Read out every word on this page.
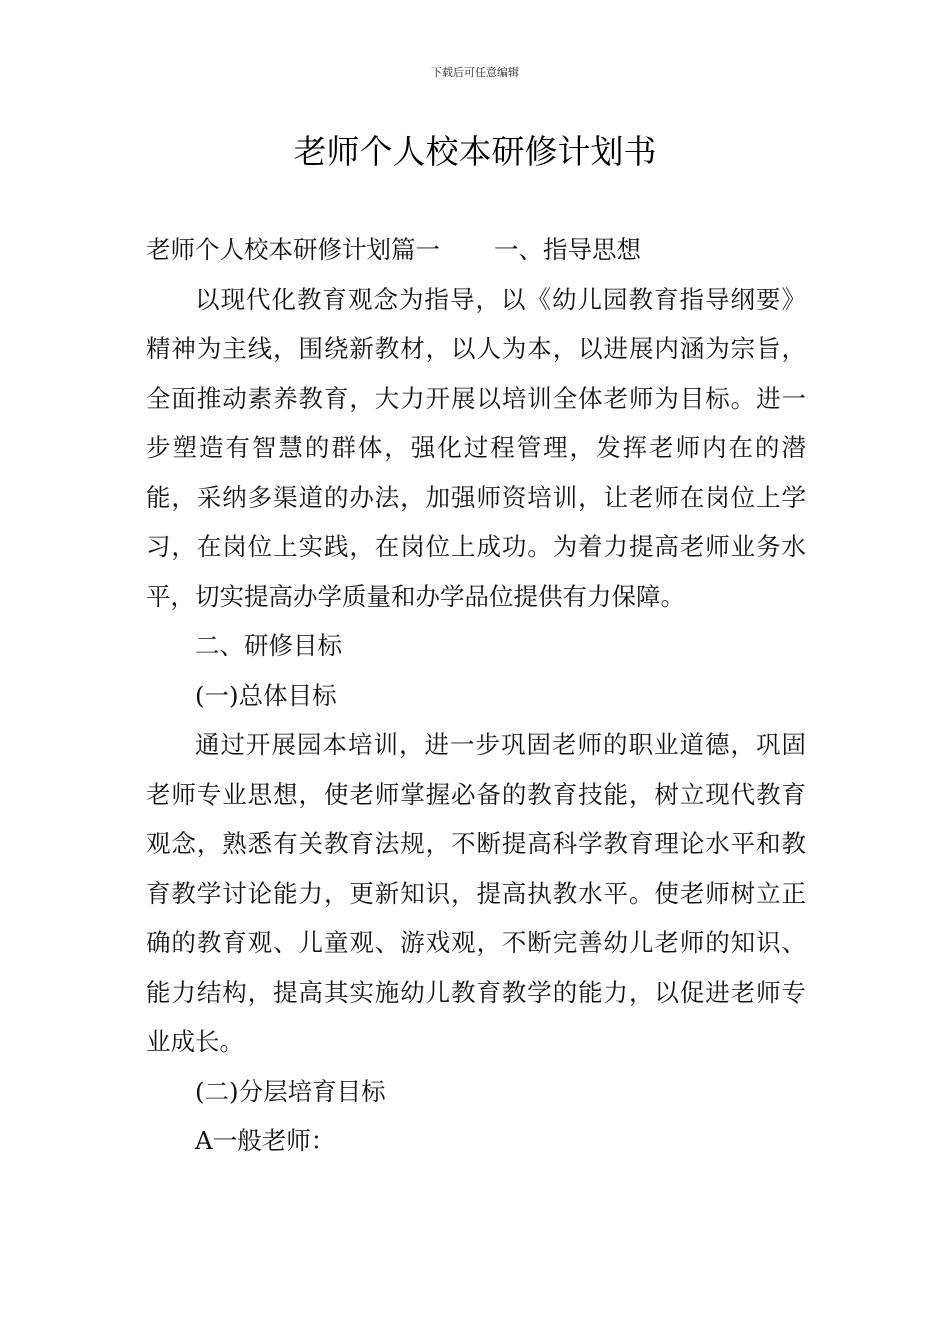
下载后可任意编辑
老师个人校本研修计划书

老师个人校本研修计划篇一 一、指导思想

以现代化教育观念为指导，以《幼儿园教育指导纲要》精神为主线，围绕新教材，以人为本，以进展内涵为宗旨，全面推动素养教育，大力开展以培训全体老师为目标。进一步塑造有智慧的群体，强化过程管理，发挥老师内在的潜能，采纳多渠道的办法，加强师资培训，让老师在岗位上学习，在岗位上实践，在岗位上成功。为着力提高老师业务水平，切实提高办学质量和办学品位提供有力保障。

二、研修目标

(一)总体目标

通过开展园本培训，进一步巩固老师的职业道德，巩固老师专业思想，使老师掌握必备的教育技能，树立现代教育观念，熟悉有关教育法规，不断提高科学教育理论水平和教育教学讨论能力，更新知识，提高执教水平。使老师树立正确的教育观、儿童观、游戏观，不断完善幼儿老师的知识、能力结构，提高其实施幼儿教育教学的能力，以促进老师专业成长。

(二)分层培育目标

A一般老师：
